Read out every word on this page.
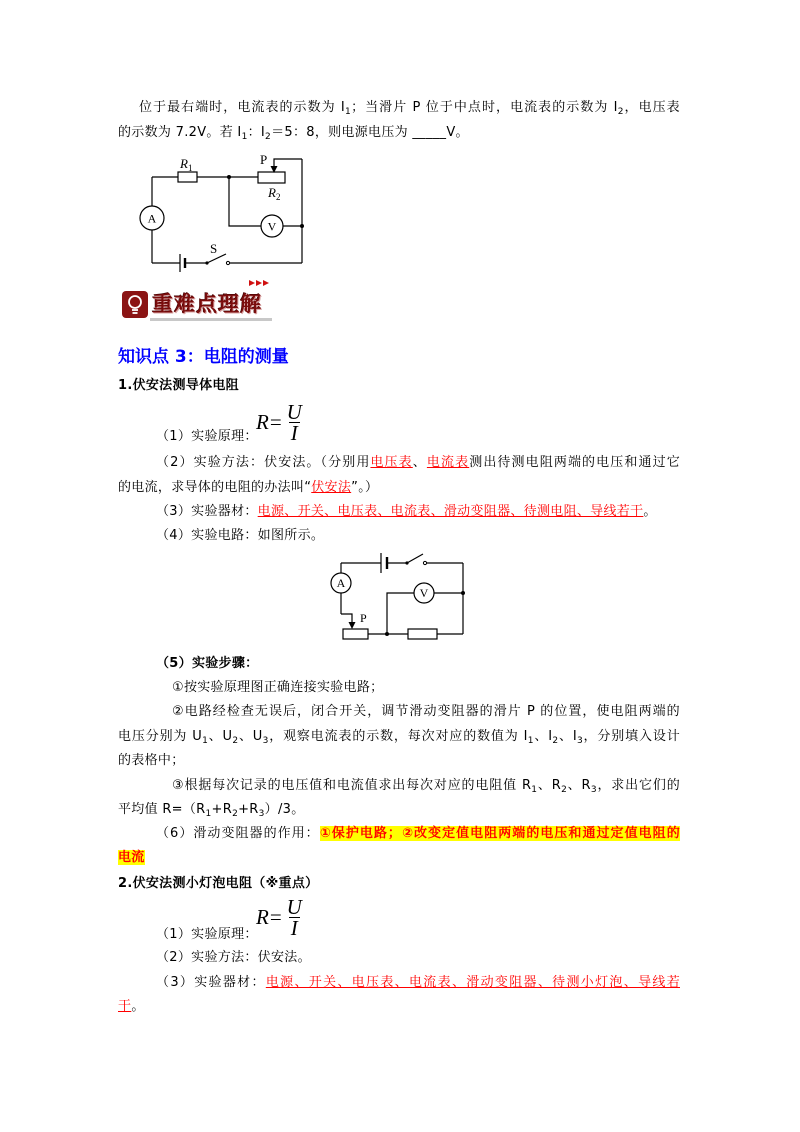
位于最右端时，电流表的示数为 $I_1$；当滑片 P 位于中点时，电流表的示数为 $I_2$，电压表
的示数为 7.2V。若 $I_1$：$I_2=5$：8，则电源电压为 _____V。
$R_1$
P
$R_2$
A
V
S
重难点理解
知识点 3：电阻的测量
1.伏安法测导体电阻
$R = \frac{U}{I}$
（1）实验原理：
（2）实验方法：伏安法。（分别用电压表、电流表测出待测电阻两端的电压和通过它
的电流，求导体的电阻的办法叫“伏安法”。）
（3）实验器材：电源、开关、电压表、电流表、滑动变阻器、待测电阻、导线若干。
（4）实验电路：如图所示。
A
V
P
（5）实验步骤：
①按实验原理图正确连接实验电路；
②电路经检查无误后，闭合开关，调节滑动变阻器的滑片 P 的位置，使电阻两端的
电压分别为 $U_1$、$U_2$、$U_3$，观察电流表的示数，每次对应的数值为 $I_1$、$I_2$、$I_3$，分别填入设计
的表格中；
③根据每次记录的电压值和电流值求出每次对应的电阻值 $R_1$、$R_2$、$R_3$，求出它们的
平均值 $R=(R_1+R_2+R_3)/3$。
（6）滑动变阻器的作用：①保护电路；②改变定值电阻两端的电压和通过定值电阻的
电流
2.伏安法测小灯泡电阻（※重点）
$R = \frac{U}{I}$
（1）实验原理：
（2）实验方法：伏安法。
（3）实验器材：电源、开关、电压表、电流表、滑动变阻器、待测小灯泡、导线若
干。
